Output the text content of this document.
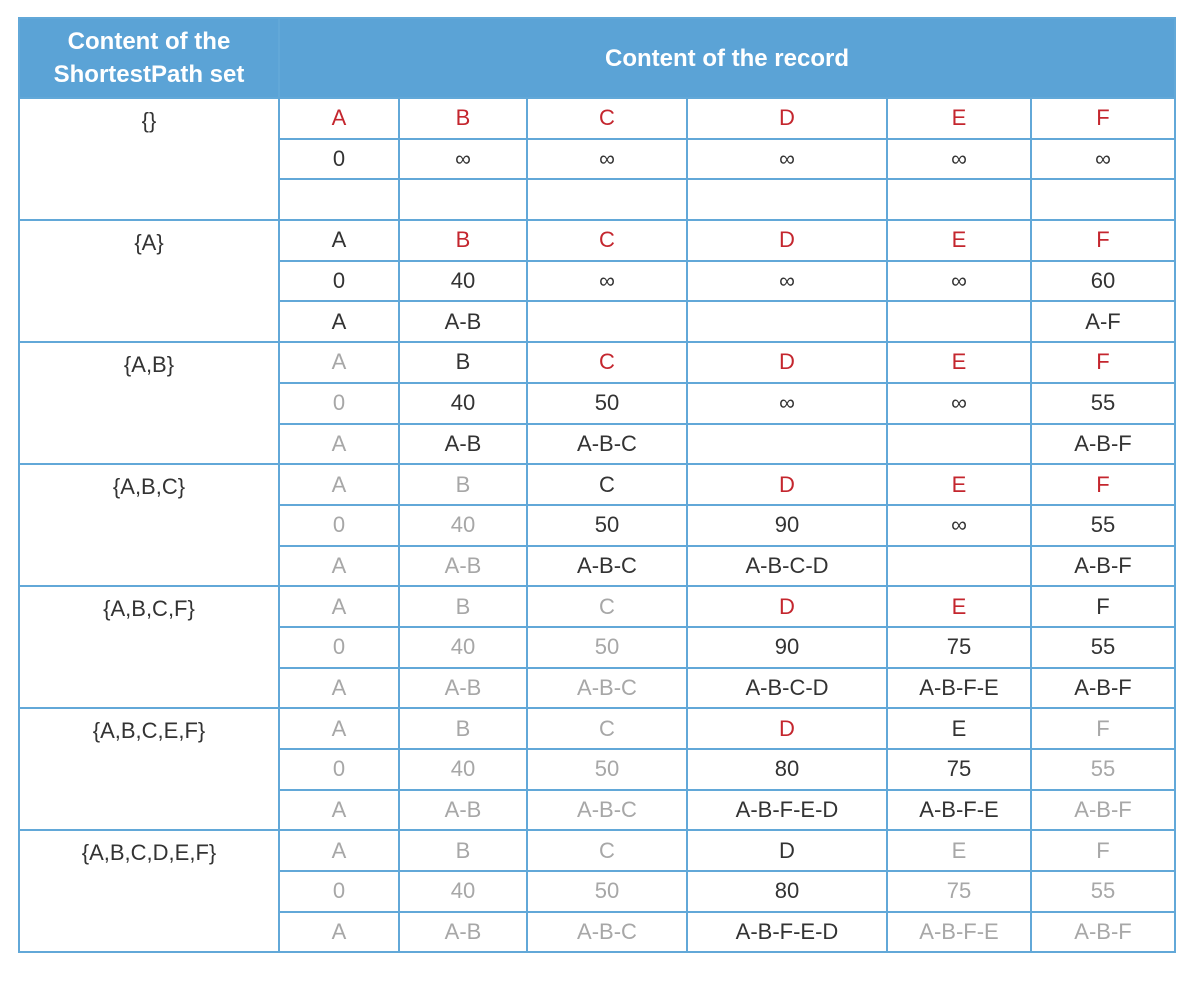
Content of the
ShortestPath set	Content of the record					
{}	A	B	C	D	E	F
	0	∞	∞	∞	∞	∞

{A}	A	B	C	D	E	F
	0	40	∞	∞	∞	60
	A	A-B				A-F
{A,B}	A	B	C	D	E	F
	0	40	50	∞	∞	55
	A	A-B	A-B-C			A-B-F
{A,B,C}	A	B	C	D	E	F
	0	40	50	90	∞	55
	A	A-B	A-B-C	A-B-C-D		A-B-F
{A,B,C,F}	A	B	C	D	E	F
	0	40	50	90	75	55
	A	A-B	A-B-C	A-B-C-D	A-B-F-E	A-B-F
{A,B,C,E,F}	A	B	C	D	E	F
	0	40	50	80	75	55
	A	A-B	A-B-C	A-B-F-E-D	A-B-F-E	A-B-F
{A,B,C,D,E,F}	A	B	C	D	E	F
	0	40	50	80	75	55
	A	A-B	A-B-C	A-B-F-E-D	A-B-F-E	A-B-F
